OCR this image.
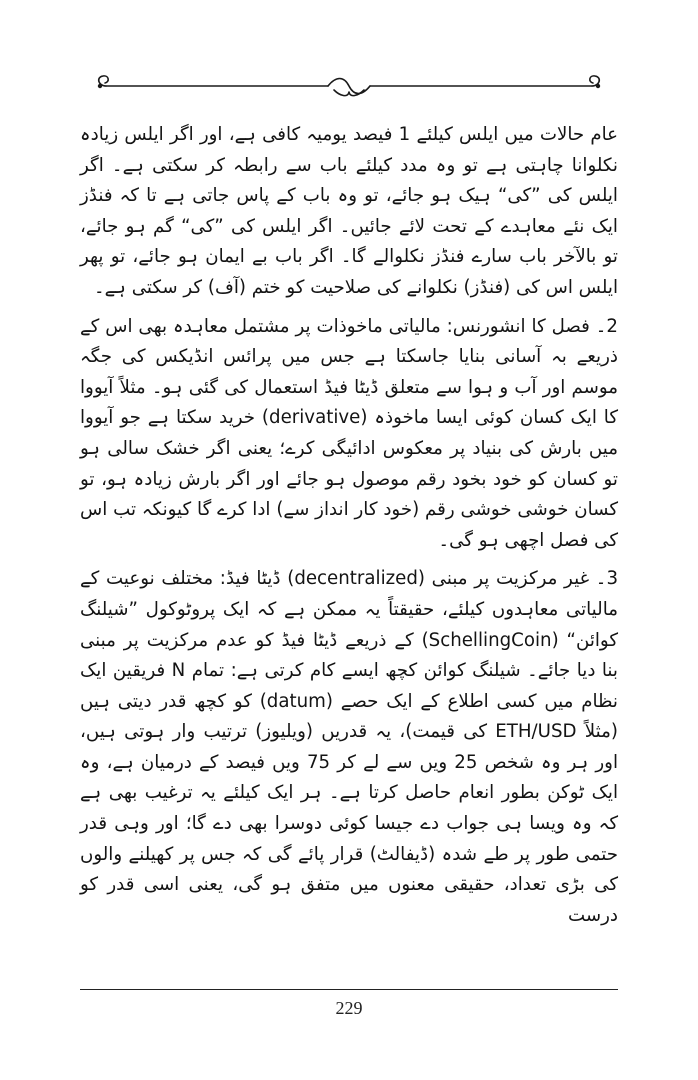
عام حالات میں ایلس کیلئے 1 فیصد یومیہ کافی ہے، اور اگر ایلس زیادہ نکلوانا چاہتی ہے تو وہ مدد کیلئے باب سے رابطہ کر سکتی ہے۔ اگر ایلس کی ”کی“ ہیک ہو جائے، تو وہ باب کے پاس جاتی ہے تا کہ فنڈز ایک نئے معاہدے کے تحت لائے جائیں۔ اگر ایلس کی ”کی“ گم ہو جائے، تو بالآخر باب سارے فنڈز نکلوالے گا۔ اگر باب بے ایمان ہو جائے، تو پھر ایلس اس کی (فنڈز) نکلوانے کی صلاحیت کو ختم (آف) کر سکتی ہے۔

2۔ فصل کا انشورنس: مالیاتی ماخوذات پر مشتمل معاہدہ بھی اس کے ذریعے بہ آسانی بنایا جاسکتا ہے جس میں پرائس انڈیکس کی جگہ موسم اور آب و ہوا سے متعلق ڈیٹا فیڈ استعمال کی گئی ہو۔ مثلاً آیووا کا ایک کسان کوئی ایسا ماخوذہ (derivative) خرید سکتا ہے جو آیووا میں بارش کی بنیاد پر معکوس ادائیگی کرے؛ یعنی اگر خشک سالی ہو تو کسان کو خود بخود رقم موصول ہو جائے اور اگر بارش زیادہ ہو، تو کسان خوشی خوشی رقم (خود کار انداز سے) ادا کرے گا کیونکہ تب اس کی فصل اچھی ہو گی۔

3۔ غیر مرکزیت پر مبنی (decentralized) ڈیٹا فیڈ: مختلف نوعیت کے مالیاتی معاہدوں کیلئے، حقیقتاً یہ ممکن ہے کہ ایک پروٹوکول ”شیلنگ کوائن“ (SchellingCoin) کے ذریعے ڈیٹا فیڈ کو عدم مرکزیت پر مبنی بنا دیا جائے۔ شیلنگ کوائن کچھ ایسے کام کرتی ہے: تمام N فریقین ایک نظام میں کسی اطلاع کے ایک حصے (datum) کو کچھ قدر دیتی ہیں (مثلاً ETH/USD کی قیمت)، یہ قدریں (ویلیوز) ترتیب وار ہوتی ہیں، اور ہر وہ شخص 25 ویں سے لے کر 75 ویں فیصد کے درمیان ہے، وہ ایک ٹوکن بطور انعام حاصل کرتا ہے۔ ہر ایک کیلئے یہ ترغیب بھی ہے کہ وہ ویسا ہی جواب دے جیسا کوئی دوسرا بھی دے گا؛ اور وہی قدر حتمی طور پر طے شدہ (ڈیفالٹ) قرار پائے گی کہ جس پر کھیلنے والوں کی بڑی تعداد، حقیقی معنوں میں متفق ہو گی، یعنی اسی قدر کو درست

229
